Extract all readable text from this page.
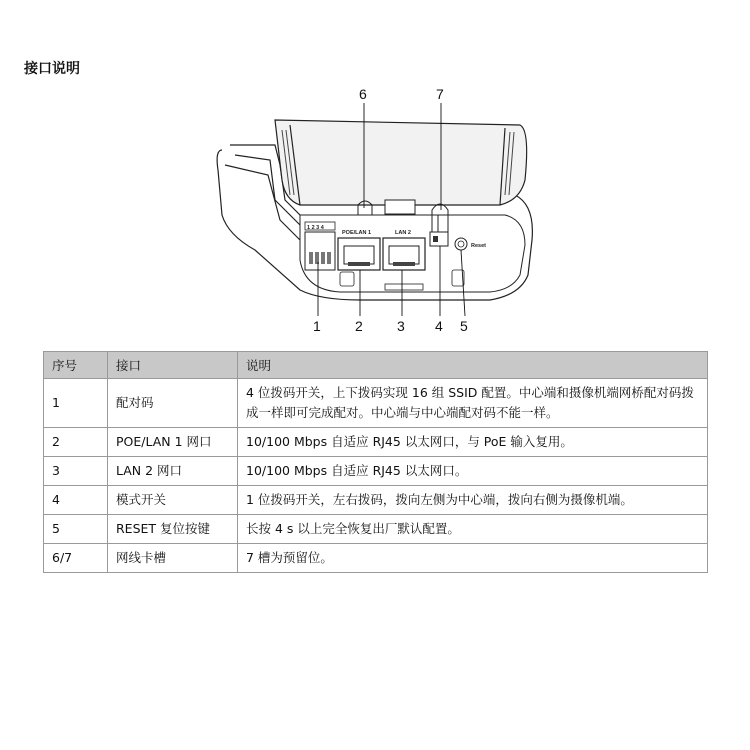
接口说明
1 2 3 4
POE/LAN 1	LAN 2
Reset
6	7
1 2 3 4 5
序号	接口	说明
1	配对码	4 位拨码开关，上下拨码实现 16 组 SSID 配置。中心端和摄像机端网桥配对码拨成一样即可完成配对。中心端与中心端配对码不能一样。
2	POE/LAN 1 网口	10/100 Mbps 自适应 RJ45 以太网口，与 PoE 输入复用。
3	LAN 2 网口	10/100 Mbps 自适应 RJ45 以太网口。
4	模式开关	1 位拨码开关，左右拨码，拨向左侧为中心端，拨向右侧为摄像机端。
5	RESET 复位按键	长按 4 s 以上完全恢复出厂默认配置。
6/7	网线卡槽	7 槽为预留位。
